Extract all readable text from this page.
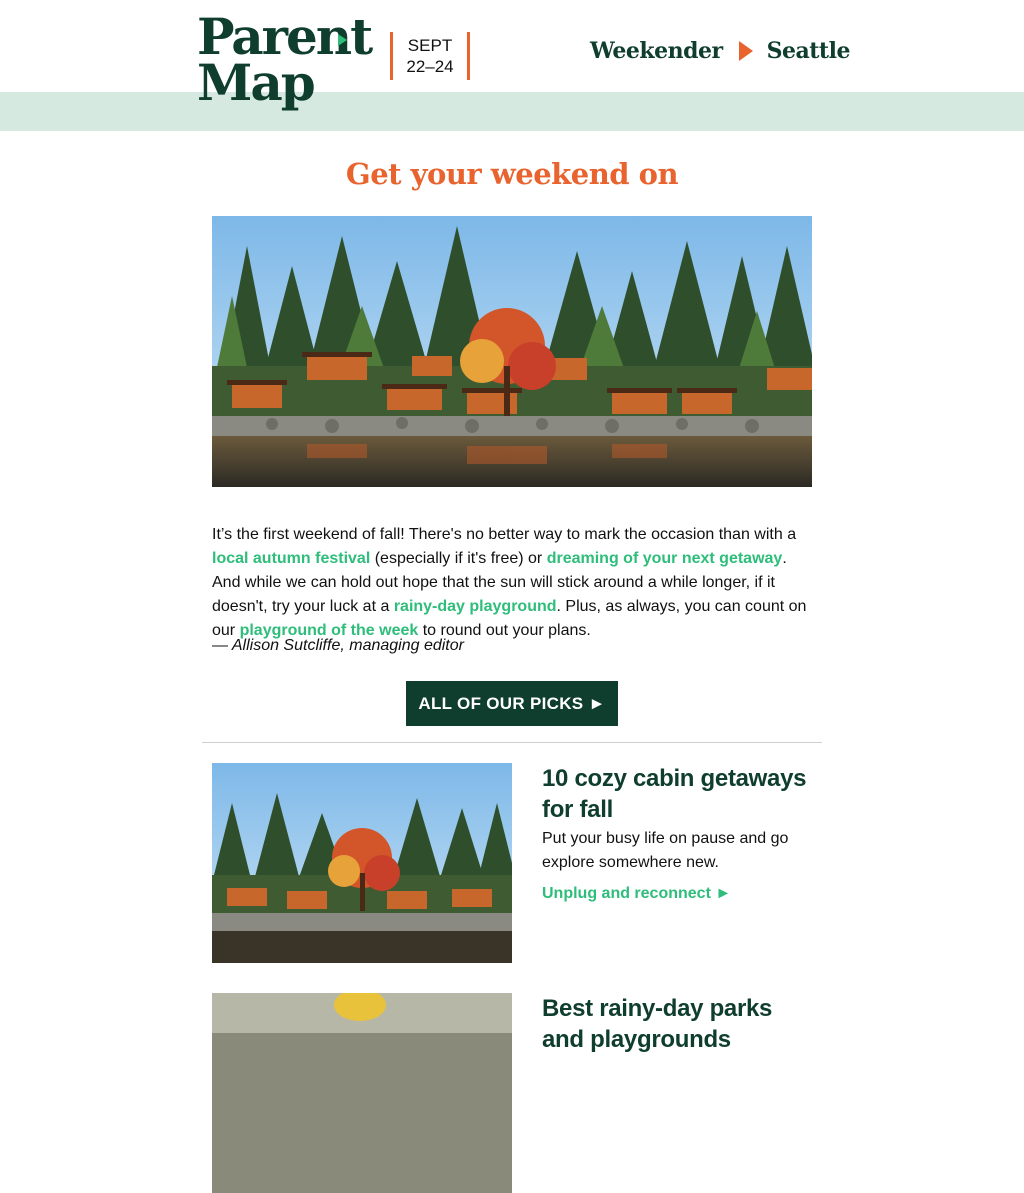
Parent
Map
SEPT
22–24
Weekender Seattle
Get your weekend on

It’s the first weekend of fall! There's no better way to mark the occasion than with a local autumn festival (especially if it's free) or dreaming of your next getaway. And while we can hold out hope that the sun will stick around a while longer, if it doesn't, try your luck at a rainy-day playground. Plus, as always, you can count on our playground of the week to round out your plans.

— Allison Sutcliffe, managing editor
ALL OF OUR PICKS ►
10 cozy cabin getaways for fall
Put your busy life on pause and go explore somewhere new.
Unplug and reconnect ►
Best rainy-day parks and playgrounds
